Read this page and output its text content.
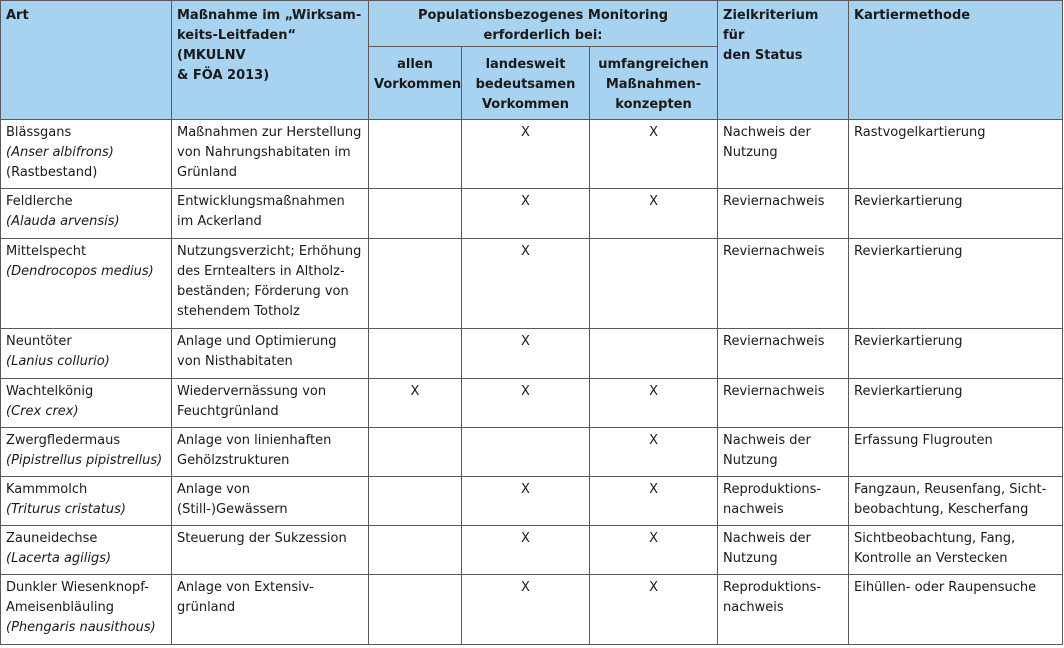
Art	Maßnahme im „Wirksam-
keits-Leitfaden“ (MKULNV
& FÖA 2013)	Populationsbezogenes Monitoring
erforderlich bei:			Zielkriterium für
den Status	Kartiermethode

		allen
Vorkommen	landesweit
bedeutsamen
Vorkommen	umfangreichen
Maßnahmen-
konzepten		

Blässgans
(Anser albifrons)
(Rastbestand)	Maßnahmen zur Herstellung
von Nahrungshabitaten im
Grünland		X	X	Nachweis der
Nutzung	Rastvogelkartierung

Feldlerche
(Alauda arvensis)	Entwicklungsmaßnahmen
im Ackerland		X	X	Reviernachweis	Revierkartierung

Mittelspecht
(Dendrocopos medius)	Nutzungsverzicht; Erhöhung
des Erntealters in Altholz-
beständen; Förderung von
stehendem Totholz		X		Reviernachweis	Revierkartierung

Neuntöter
(Lanius collurio)	Anlage und Optimierung
von Nisthabitaten		X		Reviernachweis	Revierkartierung

Wachtelkönig
(Crex crex)	Wiedervernässung von
Feuchtgrünland	X	X	X	Reviernachweis	Revierkartierung

Zwergfledermaus
(Pipistrellus pipistrellus)	Anlage von linienhaften
Gehölzstrukturen			X	Nachweis der
Nutzung	Erfassung Flugrouten

Kammmolch
(Triturus cristatus)	Anlage von (Still-)Gewässern		X	X	Reproduktions-
nachweis	Fangzaun, Reusenfang, Sicht-
beobachtung, Kescherfang

Zauneidechse
(Lacerta agiligs)	Steuerung der Sukzession		X	X	Nachweis der
Nutzung	Sichtbeobachtung, Fang,
Kontrolle an Verstecken

Dunkler Wiesenknopf-
Ameisenbläuling
(Phengaris nausithous)	Anlage von Extensiv-
grünland		X	X	Reproduktions-
nachweis	Eihüllen- oder Raupensuche
